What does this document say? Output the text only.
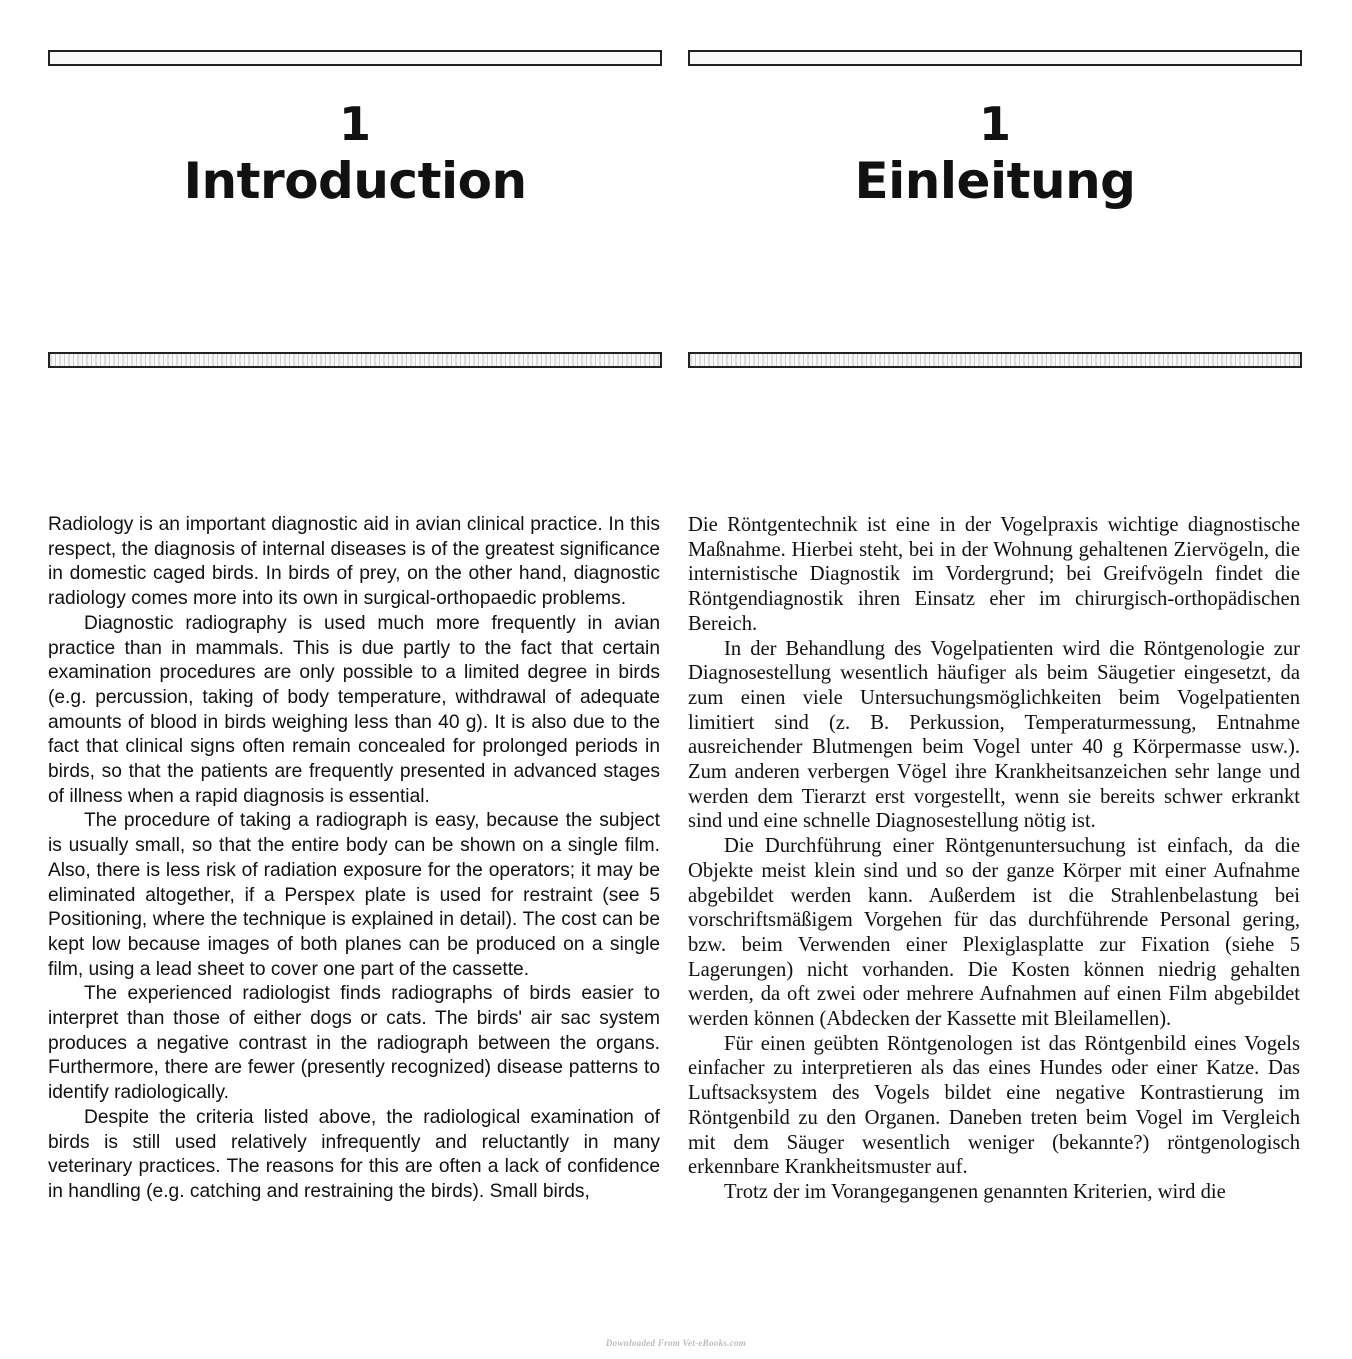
1
Introduction

Radiology is an important diagnostic aid in avian clinical practice. In this respect, the diagnosis of internal diseases is of the greatest significance in domestic caged birds. In birds of prey, on the other hand, diagnostic radiology comes more into its own in surgical-orthopaedic problems.

Diagnostic radiography is used much more frequently in avian practice than in mammals. This is due partly to the fact that certain examination procedures are only possible to a limited degree in birds (e.g. percussion, taking of body temperature, withdrawal of adequate amounts of blood in birds weighing less than 40 g). It is also due to the fact that clinical signs often remain concealed for prolonged periods in birds, so that the patients are frequently presented in advanced stages of illness when a rapid diagnosis is essential.

The procedure of taking a radiograph is easy, because the subject is usually small, so that the entire body can be shown on a single film. Also, there is less risk of radiation exposure for the operators; it may be eliminated altogether, if a Perspex plate is used for restraint (see 5 Positioning, where the technique is explained in detail). The cost can be kept low because images of both planes can be produced on a single film, using a lead sheet to cover one part of the cassette.

The experienced radiologist finds radiographs of birds easier to interpret than those of either dogs or cats. The birds' air sac system produces a negative contrast in the radiograph between the organs. Furthermore, there are fewer (presently recognized) disease patterns to identify radiologically.

Despite the criteria listed above, the radiological examination of birds is still used relatively infrequently and reluctantly in many veterinary practices. The reasons for this are often a lack of confidence in handling (e.g. catching and restraining the birds). Small birds,

1
Einleitung

Die Röntgentechnik ist eine in der Vogelpraxis wichtige diagnostische Maßnahme. Hierbei steht, bei in der Wohnung gehaltenen Ziervögeln, die internistische Diagnostik im Vordergrund; bei Greifvögeln findet die Röntgendiagnostik ihren Einsatz eher im chirurgisch-orthopädischen Bereich.

In der Behandlung des Vogelpatienten wird die Röntgenologie zur Diagnosestellung wesentlich häufiger als beim Säugetier eingesetzt, da zum einen viele Untersuchungsmöglichkeiten beim Vogelpatienten limitiert sind (z. B. Perkussion, Temperaturmessung, Entnahme ausreichender Blutmengen beim Vogel unter 40 g Körpermasse usw.). Zum anderen verbergen Vögel ihre Krankheitsanzeichen sehr lange und werden dem Tierarzt erst vorgestellt, wenn sie bereits schwer erkrankt sind und eine schnelle Diagnosestellung nötig ist.

Die Durchführung einer Röntgenuntersuchung ist einfach, da die Objekte meist klein sind und so der ganze Körper mit einer Aufnahme abgebildet werden kann. Außerdem ist die Strahlenbelastung bei vorschriftsmäßigem Vorgehen für das durchführende Personal gering, bzw. beim Verwenden einer Plexiglasplatte zur Fixation (siehe 5 Lagerungen) nicht vorhanden. Die Kosten können niedrig gehalten werden, da oft zwei oder mehrere Aufnahmen auf einen Film abgebildet werden können (Abdecken der Kassette mit Bleilamellen).

Für einen geübten Röntgenologen ist das Röntgenbild eines Vogels einfacher zu interpretieren als das eines Hundes oder einer Katze. Das Luftsacksystem des Vogels bildet eine negative Kontrastierung im Röntgenbild zu den Organen. Daneben treten beim Vogel im Vergleich mit dem Säuger wesentlich weniger (bekannte?) röntgenologisch erkennbare Krankheitsmuster auf.

Trotz der im Vorangegangenen genannten Kriterien, wird die

Downloaded From Vet-eBooks.com
